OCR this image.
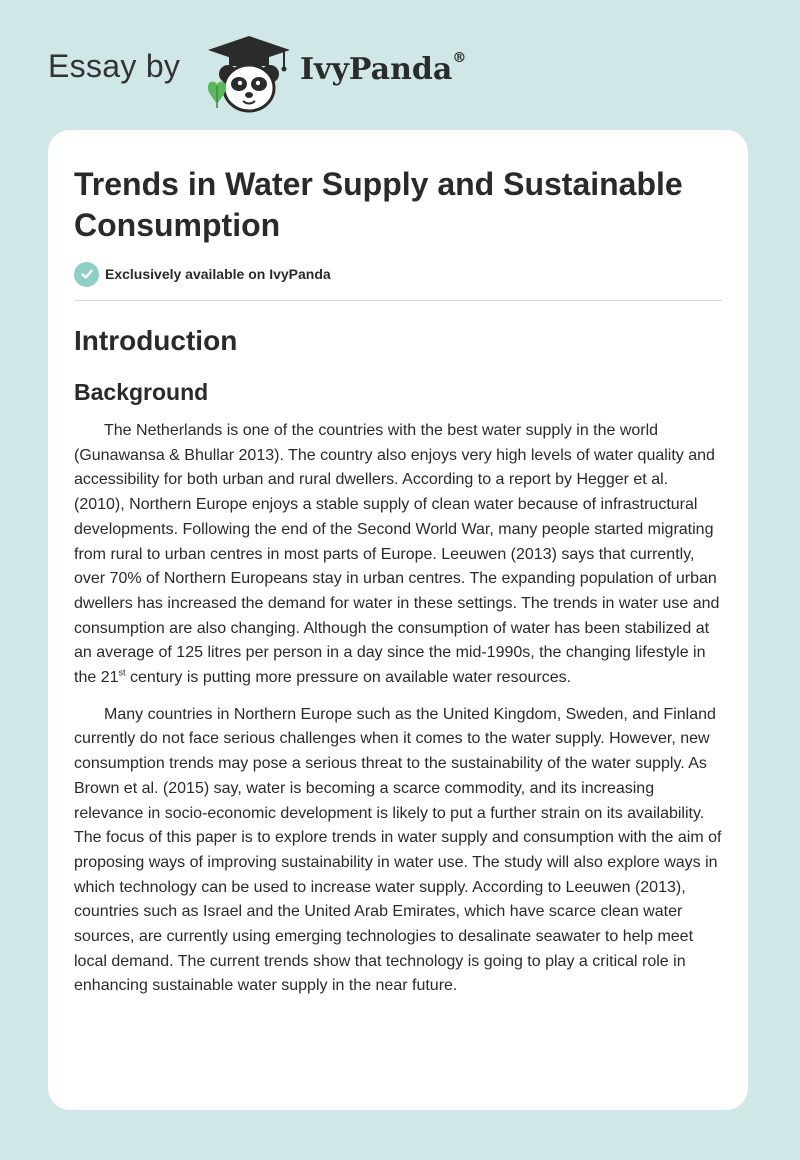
Essay by	IvyPanda®
Trends in Water Supply and Sustainable Consumption
Exclusively available on IvyPanda
Introduction
Background

The Netherlands is one of the countries with the best water supply in the world (Gunawansa & Bhullar 2013). The country also enjoys very high levels of water quality and accessibility for both urban and rural dwellers. According to a report by Hegger et al. (2010), Northern Europe enjoys a stable supply of clean water because of infrastructural developments. Following the end of the Second World War, many people started migrating from rural to urban centres in most parts of Europe. Leeuwen (2013) says that currently, over 70% of Northern Europeans stay in urban centres. The expanding population of urban dwellers has increased the demand for water in these settings. The trends in water use and consumption are also changing. Although the consumption of water has been stabilized at an average of 125 litres per person in a day since the mid-1990s, the changing lifestyle in the 21st century is putting more pressure on available water resources.

Many countries in Northern Europe such as the United Kingdom, Sweden, and Finland currently do not face serious challenges when it comes to the water supply. However, new consumption trends may pose a serious threat to the sustainability of the water supply. As Brown et al. (2015) say, water is becoming a scarce commodity, and its increasing relevance in socio-economic development is likely to put a further strain on its availability. The focus of this paper is to explore trends in water supply and consumption with the aim of proposing ways of improving sustainability in water use. The study will also explore ways in which technology can be used to increase water supply. According to Leeuwen (2013), countries such as Israel and the United Arab Emirates, which have scarce clean water sources, are currently using emerging technologies to desalinate seawater to help meet local demand. The current trends show that technology is going to play a critical role in enhancing sustainable water supply in the near future.
